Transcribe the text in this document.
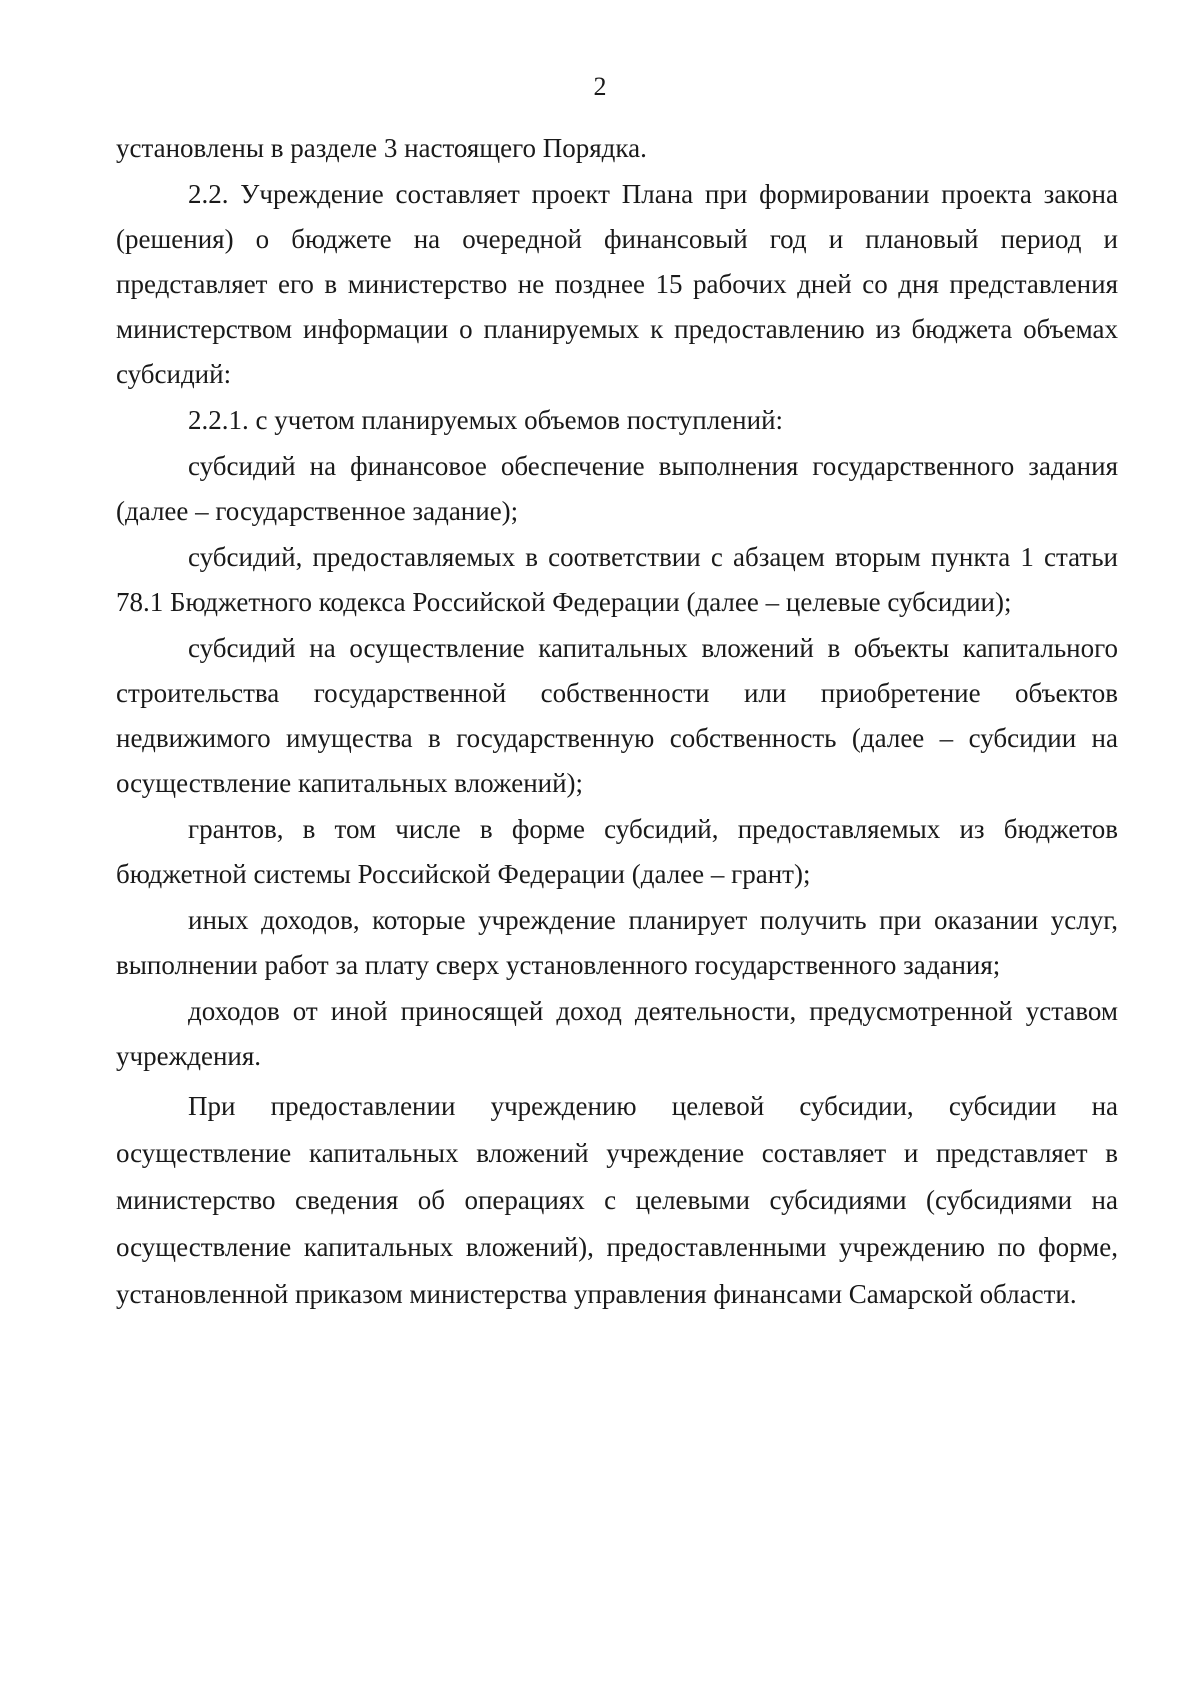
2

установлены в разделе 3 настоящего Порядка.

2.2. Учреждение составляет проект Плана при формировании проекта закона (решения) о бюджете на очередной финансовый год и плановый период и представляет его в министерство не позднее 15 рабочих дней со дня представления министерством информации о планируемых к предоставлению из бюджета объемах субсидий:

2.2.1. с учетом планируемых объемов поступлений:

субсидий на финансовое обеспечение выполнения государственного задания (далее – государственное задание);

субсидий, предоставляемых в соответствии с абзацем вторым пункта 1 статьи 78.1 Бюджетного кодекса Российской Федерации (далее – целевые субсидии);

субсидий на осуществление капитальных вложений в объекты капитального строительства государственной собственности или приобретение объектов недвижимого имущества в государственную собственность (далее – субсидии на осуществление капитальных вложений);

грантов, в том числе в форме субсидий, предоставляемых из бюджетов бюджетной системы Российской Федерации (далее – грант);

иных доходов, которые учреждение планирует получить при оказании услуг, выполнении работ за плату сверх установленного государственного задания;

доходов от иной приносящей доход деятельности, предусмотренной уставом учреждения.

При предоставлении учреждению целевой субсидии, субсидии на осуществление капитальных вложений учреждение составляет и представляет в министерство сведения об операциях с целевыми субсидиями (субсидиями на осуществление капитальных вложений), предоставленными учреждению по форме, установленной приказом министерства управления финансами Самарской области.
